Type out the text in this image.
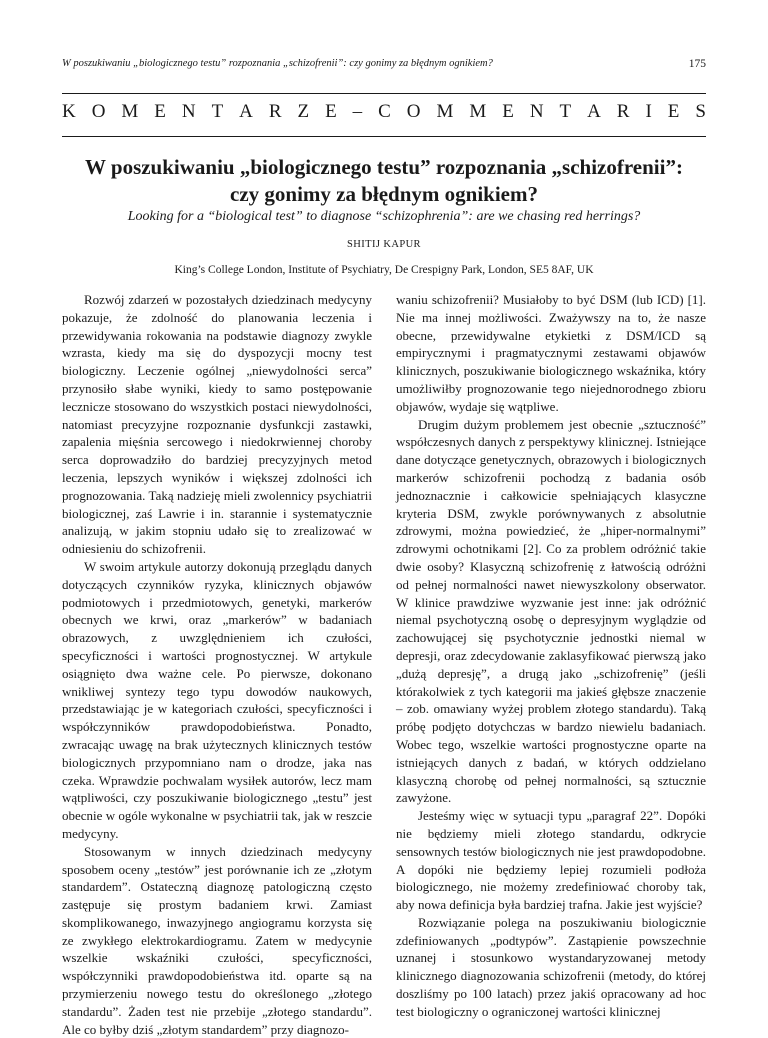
W poszukiwaniu „biologicznego testu” rozpoznania „schizofrenii”: czy gonimy za błędnym ognikiem?	175
K O M E N T A R Z E – C O M M E N T A R I E S
W poszukiwaniu „biologicznego testu” rozpoznania „schizofrenii”:
czy gonimy za błędnym ognikiem?
Looking for a “biological test” to diagnose “schizophrenia”: are we chasing red herrings?
SHITIJ KAPUR
King’s College London, Institute of Psychiatry, De Crespigny Park, London, SE5 8AF, UK

Rozwój zdarzeń w pozostałych dziedzinach medycyny pokazuje, że zdolność do planowania leczenia i przewidywania rokowania na podstawie diagnozy zwykle wzrasta, kiedy ma się do dyspozycji mocny test biologiczny. Leczenie ogólnej „niewydolności serca” przynosiło słabe wyniki, kiedy to samo postępowanie lecznicze stosowano do wszystkich postaci niewydolności, natomiast precyzyjne rozpoznanie dysfunkcji zastawki, zapalenia mięśnia sercowego i niedokrwiennej choroby serca doprowadziło do bardziej precyzyjnych metod leczenia, lepszych wyników i większej zdolności ich prognozowania. Taką nadzieję mieli zwolennicy psychiatrii biologicznej, zaś Lawrie i in. starannie i systematycznie analizują, w jakim stopniu udało się to zrealizować w odniesieniu do schizofrenii.

W swoim artykule autorzy dokonują przeglądu danych dotyczących czynników ryzyka, klinicznych objawów podmiotowych i przedmiotowych, genetyki, markerów obecnych we krwi, oraz „markerów” w badaniach obrazowych, z uwzględnieniem ich czułości, specyficzności i wartości prognostycznej. W artykule osiągnięto dwa ważne cele. Po pierwsze, dokonano wnikliwej syntezy tego typu dowodów naukowych, przedstawiając je w kategoriach czułości, specyficzności i współczynników prawdopodobieństwa. Ponadto, zwracając uwagę na brak użytecznych klinicznych testów biologicznych przypomniano nam o drodze, jaka nas czeka. Wprawdzie pochwalam wysiłek autorów, lecz mam wątpliwości, czy poszukiwanie biologicznego „testu” jest obecnie w ogóle wykonalne w psychiatrii tak, jak w reszcie medycyny.

Stosowanym w innych dziedzinach medycyny sposobem oceny „testów” jest porównanie ich ze „złotym standardem”. Ostateczną diagnozę patologiczną często zastępuje się prostym badaniem krwi. Zamiast skomplikowanego, inwazyjnego angiogramu korzysta się ze zwykłego elektrokardiogramu. Zatem w medycynie wszelkie wskaźniki czułości, specyficzności, współczynniki prawdopodobieństwa itd. oparte są na przymierzeniu nowego testu do określonego „złotego standardu”. Żaden test nie przebije „złotego standardu”. Ale co byłby dziś „złotym standardem” przy diagnozo-

waniu schizofrenii? Musiałoby to być DSM (lub ICD) [1]. Nie ma innej możliwości. Zważywszy na to, że nasze obecne, przewidywalne etykietki z DSM/ICD są empirycznymi i pragmatycznymi zestawami objawów klinicznych, poszukiwanie biologicznego wskaźnika, który umożliwiłby prognozowanie tego niejednorodnego zbioru objawów, wydaje się wątpliwe.

Drugim dużym problemem jest obecnie „sztuczność” współczesnych danych z perspektywy klinicznej. Istniejące dane dotyczące genetycznych, obrazowych i biologicznych markerów schizofrenii pochodzą z badania osób jednoznacznie i całkowicie spełniających klasyczne kryteria DSM, zwykle porównywanych z absolutnie zdrowymi, można powiedzieć, że „hiper-normalnymi” zdrowymi ochotnikami [2]. Co za problem odróżnić takie dwie osoby? Klasyczną schizofrenię z łatwością odróżni od pełnej normalności nawet niewyszkolony obserwator. W klinice prawdziwe wyzwanie jest inne: jak odróżnić niemal psychotyczną osobę o depresyjnym wyglądzie od zachowującej się psychotycznie jednostki niemal w depresji, oraz zdecydowanie zaklasyfikować pierwszą jako „dużą depresję”, a drugą jako „schizofrenię” (jeśli którakolwiek z tych kategorii ma jakieś głębsze znaczenie – zob. omawiany wyżej problem złotego standardu). Taką próbę podjęto dotychczas w bardzo niewielu badaniach. Wobec tego, wszelkie wartości prognostyczne oparte na istniejących danych z badań, w których oddzielano klasyczną chorobę od pełnej normalności, są sztucznie zawyżone.

Jesteśmy więc w sytuacji typu „paragraf 22”. Dopóki nie będziemy mieli złotego standardu, odkrycie sensownych testów biologicznych nie jest prawdopodobne. A dopóki nie będziemy lepiej rozumieli podłoża biologicznego, nie możemy zredefiniować choroby tak, aby nowa definicja była bardziej trafna. Jakie jest wyjście?

Rozwiązanie polega na poszukiwaniu biologicznie zdefiniowanych „podtypów”. Zastąpienie powszechnie uznanej i stosunkowo wystandaryzowanej metody klinicznego diagnozowania schizofrenii (metody, do której doszliśmy po 100 latach) przez jakiś opracowany ad hoc test biologiczny o ograniczonej wartości klinicznej
